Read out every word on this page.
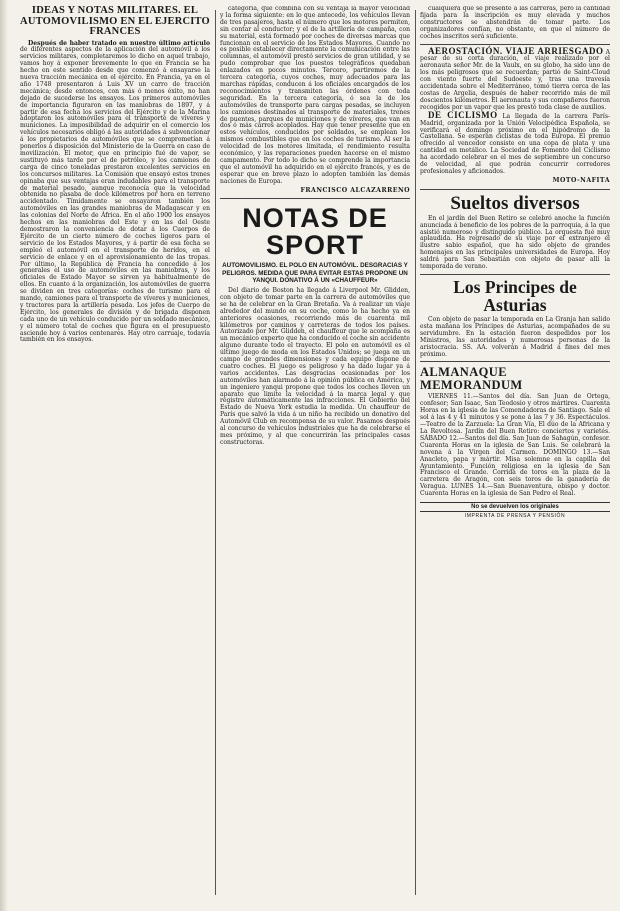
IDEAS Y NOTAS MILITARES. EL AUTOMOVILISMO EN EL EJERCITO FRANCES

Después de haber tratado en nuestro último artículo de diferentes aspectos de la aplicación del automóvil á los servicios militares, completaremos lo dicho en aquel trabajo, vamos hoy á exponer brevemente lo que en Francia se ha hecho en este sentido desde que comenzó á ensayarse la nueva tracción mecánica en el ejército. En Francia, ya en el año 1748 presentaron á Luis XV un carro de tracción mecánica; desde entonces, con más ó menos éxito, no han dejado de sucederse los ensayos. Los primeros automóviles de importancia figuraron en las maniobras de 1897, y á partir de esa fecha los servicios del Ejército y de la Marina adoptaron los automóviles para el transporte de víveres y municiones. La imposibilidad de adquirir en el comercio los vehículos necesarios obligó á las autoridades á subvencionar á los propietarios de automóviles que se comprometían á ponerlos á disposición del Ministerio de la Guerra en caso de movilización. El motor, que en principio fué de vapor, se sustituyó más tarde por el de petróleo, y los camiones de carga de cinco toneladas prestaron excelentes servicios en los concursos militares. La Comisión que ensayó estos trenes opinaba que sus ventajas eran indudables para el transporte de material pesado, aunque reconocía que la velocidad obtenida no pasaba de doce kilómetros por hora en terreno accidentado. Tímidamente se ensayaron también los automóviles en las grandes maniobras de Madagascar y en las colonias del Norte de África. En el año 1900 los ensayos hechos en las maniobras del Este y en las del Oeste demostraron la conveniencia de dotar á los Cuerpos de Ejército de un cierto número de coches ligeros para el servicio de los Estados Mayores, y á partir de esa fecha se empleó el automóvil en el transporte de heridos, en el servicio de enlace y en el aprovisionamiento de las tropas. Por último, la República de Francia ha concedido á los generales el uso de automóviles en las maniobras, y los oficiales de Estado Mayor se sirven ya habitualmente de ellos. En cuanto á la organización, los automóviles de guerra se dividen en tres categorías: coches de turismo para el mando, camiones para el transporte de víveres y municiones, y tractores para la artillería pesada. Los jefes de Cuerpo de Ejército, los generales de división y de brigada disponen cada uno de un vehículo conducido por un soldado mecánico, y el número total de coches que figura en el presupuesto asciende hoy á varios centenares. Hay otro carruaje, todavía también en los ensayos.

categoría, que combina con su ventaja la mayor velocidad y la forma siguiente: en lo que antecede, los vehículos llevan de tres pasajeros, hasta el número que los motores permiten, sin contar al conductor; y el de la artillería de campaña, con su material, está formado por coches de diversas marcas que funcionan en el servicio de los Estados Mayores. Cuando no es posible establecer directamente la comunicación entre las columnas, el automóvil prestó servicios de gran utilidad, y se pudo comprobar que los puestos telegráficos quedaban enlazados en pocos minutos. Tercero, partiremos de la tercera categoría, cuyos coches, muy adecuados para las marchas rápidas, conducen á los oficiales encargados de los reconocimientos y transmiten las órdenes con toda seguridad. En la tercera categoría, ó sea la de los automóviles de transporte para cargas pesadas, se incluyen los camiones destinados al transporte de materiales, trenes de puentes, parques de municiones y de víveres, que van en dos ó más carros acoplados. Hay que tener presente que en estos vehículos, conducidos por soldados, se emplean los mismos combustibles que en los coches de turismo. Al ser la velocidad de los motores limitada, el rendimiento resulta económico, y las reparaciones pueden hacerse en el mismo campamento. Por todo lo dicho se comprende la importancia que el automóvil ha adquirido en el ejército francés, y es de esperar que en breve plazo lo adopten también las demás naciones de Europa.

FRANCISCO ALCAZARRENO

NOTAS DE SPORT
AUTOMOVILISMO. EL POLO EN AUTOMÓVIL. DESGRACIAS Y PELIGROS. MEDIDA QUE PARA EVITAR ESTAS PROPONE UN YANQUI. DONATIVO Á UN «CHAUFFEUR»

Del diario de Boston ha llegado á Liverpool Mr. Glidden, con objeto de tomar parte en la carrera de automóviles que se ha de celebrar en la Gran Bretaña. Va á realizar un viaje alrededor del mundo en su coche, como lo ha hecho ya en anteriores ocasiones, recorriendo más de cuarenta mil kilómetros por caminos y carreteras de todos los países. Autorizado por Mr. Glidden, el chauffeur que le acompaña es un mecánico experto que ha conducido el coche sin accidente alguno durante todo el trayecto. El polo en automóvil es el último juego de moda en los Estados Unidos; se juega en un campo de grandes dimensiones y cada equipo dispone de cuatro coches. El juego es peligroso y ha dado lugar ya á varios accidentes. Las desgracias ocasionadas por los automóviles han alarmado á la opinión pública en América, y un ingeniero yanqui propone que todos los coches lleven un aparato que limite la velocidad á la marca legal y que registre automáticamente las infracciones. El Gobierno del Estado de Nueva York estudia la medida. Un chauffeur de París que salvó la vida á un niño ha recibido un donativo del Automóvil Club en recompensa de su valor. Pasamos después al concurso de vehículos industriales que ha de celebrarse el mes próximo, y al que concurrirán las principales casas constructoras.

cualquiera que se presente á las carreras, pero la cantidad fijada para la inscripción es muy elevada y muchos constructores se abstendrán de tomar parte. Los organizadores confían, no obstante, en que el número de coches inscritos será suficiente.

AEROSTACIÓN. VIAJE ARRIESGADO A pesar de su corta duración, el viaje realizado por el aeronauta señor Mr. de la Vaulx, en su globo, ha sido uno de los más peligrosos que se recuerdan; partió de Saint-Cloud con viento fuerte del Sudoeste y, tras una travesía accidentada sobre el Mediterráneo, tomó tierra cerca de las costas de Argelia, después de haber recorrido más de mil doscientos kilómetros. El aeronauta y sus compañeros fueron recogidos por un vapor que les prestó toda clase de auxilios.

DE CICLISMO La llegada de la carrera París-Madrid, organizada por la Unión Velocipédica Española, se verificará el domingo próximo en el hipódromo de la Castellana. Se esperan ciclistas de toda Europa. El premio ofrecido al vencedor consiste en una copa de plata y una cantidad en metálico. La Sociedad de Fomento del Ciclismo ha acordado celebrar en el mes de septiembre un concurso de velocidad, al que podrán concurrir corredores profesionales y aficionados.

MOTO-NAFITA

Sueltos diversos

En el jardín del Buen Retiro se celebró anoche la función anunciada á beneficio de los pobres de la parroquia, á la que asistió numeroso y distinguido público. La orquesta fué muy aplaudida. Ha regresado de su viaje por el extranjero el ilustre sabio español, que ha sido objeto de grandes homenajes en las principales universidades de Europa. Hoy saldrá para San Sebastián con objeto de pasar allí la temporada de verano.

Los Principes de Asturias

Con objeto de pasar la temporada en La Granja han salido esta mañana los Príncipes de Asturias, acompañados de su servidumbre. En la estación fueron despedidos por los Ministros, las autoridades y numerosas personas de la aristocracia. SS. AA. volverán á Madrid á fines del mes próximo.

ALMANAQUE MEMORANDUM

VIERNES 11.—Santos del día. San Juan de Ortega, confesor; San Isaac, San Teodosio y otros mártires. Cuarenta Horas en la iglesia de las Comendadoras de Santiago. Sale el sol á las 4 y 41 minutos y se pone á las 7 y 36. Espectáculos.—Teatro de la Zarzuela: La Gran Vía, El dúo de la Africana y La Revoltosa. Jardín del Buen Retiro: conciertos y varietés. SÁBADO 12.—Santos del día. San Juan de Sahagún, confesor. Cuarenta Horas en la iglesia de San Luis. Se celebrará la novena á la Virgen del Carmen. DOMINGO 13.—San Anacleto, papa y mártir. Misa solemne en la capilla del Ayuntamiento. Función religiosa en la iglesia de San Francisco el Grande. Corrida de toros en la plaza de la carretera de Aragón, con seis toros de la ganadería de Veragua. LUNES 14.—San Buenaventura, obispo y doctor. Cuarenta Horas en la iglesia de San Pedro el Real.

No se devuelven los originales
IMPRENTA DE PRENSA Y PENSIÓN
